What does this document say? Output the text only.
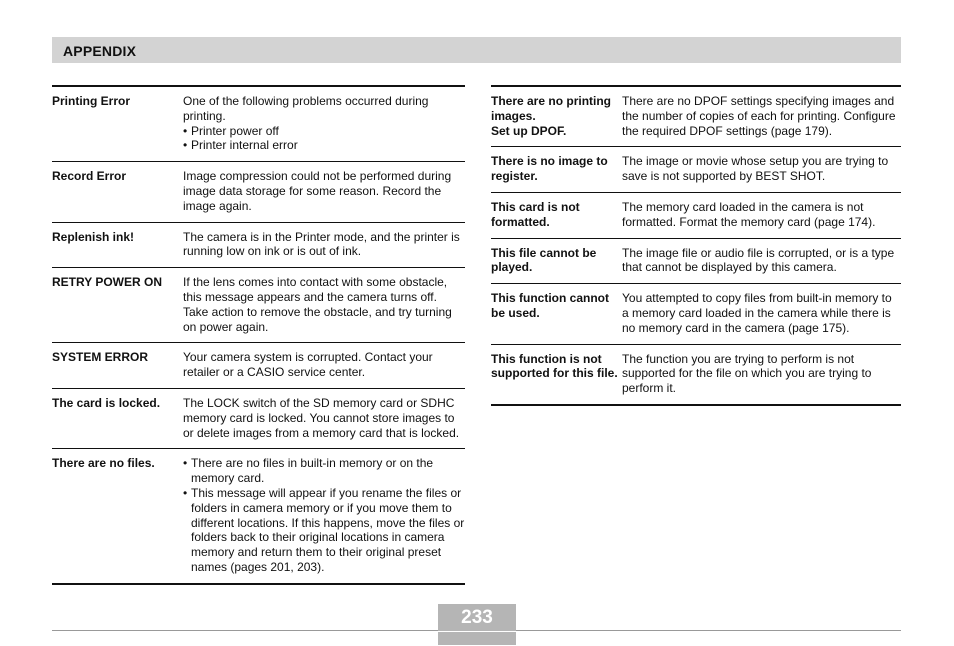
APPENDIX
Printing Error	One of the following problems occurred during printing.
• Printer power off
• Printer internal error
Record Error	Image compression could not be performed during image data storage for some reason. Record the image again.
Replenish ink!	The camera is in the Printer mode, and the printer is running low on ink or is out of ink.
RETRY POWER ON	If the lens comes into contact with some obstacle, this message appears and the camera turns off. Take action to remove the obstacle, and try turning on power again.
SYSTEM ERROR	Your camera system is corrupted. Contact your retailer or a CASIO service center.
The card is locked.	The LOCK switch of the SD memory card or SDHC memory card is locked. You cannot store images to or delete images from a memory card that is locked.
There are no files.
•	There are no files in built-in memory or on the memory card.
• This message will appear if you rename the files or folders in camera memory or if you move them to different locations. If this happens, move the files or folders back to their original locations in camera memory and return them to their original preset names (pages 201, 203).
There are no printing images.
Set up DPOF.
There are no DPOF settings specifying images and the number of copies of each for printing. Configure the required DPOF settings (page 179).
There is no image to register.
The image or movie whose setup you are trying to save is not supported by BEST SHOT.
This card is not formatted.
The memory card loaded in the camera is not formatted. Format the memory card (page 174).
This file cannot be played.
The image file or audio file is corrupted, or is a type that cannot be displayed by this camera.
This function cannot be used.
You attempted to copy files from built-in memory to a memory card loaded in the camera while there is no memory card in the camera (page 175).
This function is not supported for this file.
The function you are trying to perform is not supported for the file on which you are trying to perform it.
233
